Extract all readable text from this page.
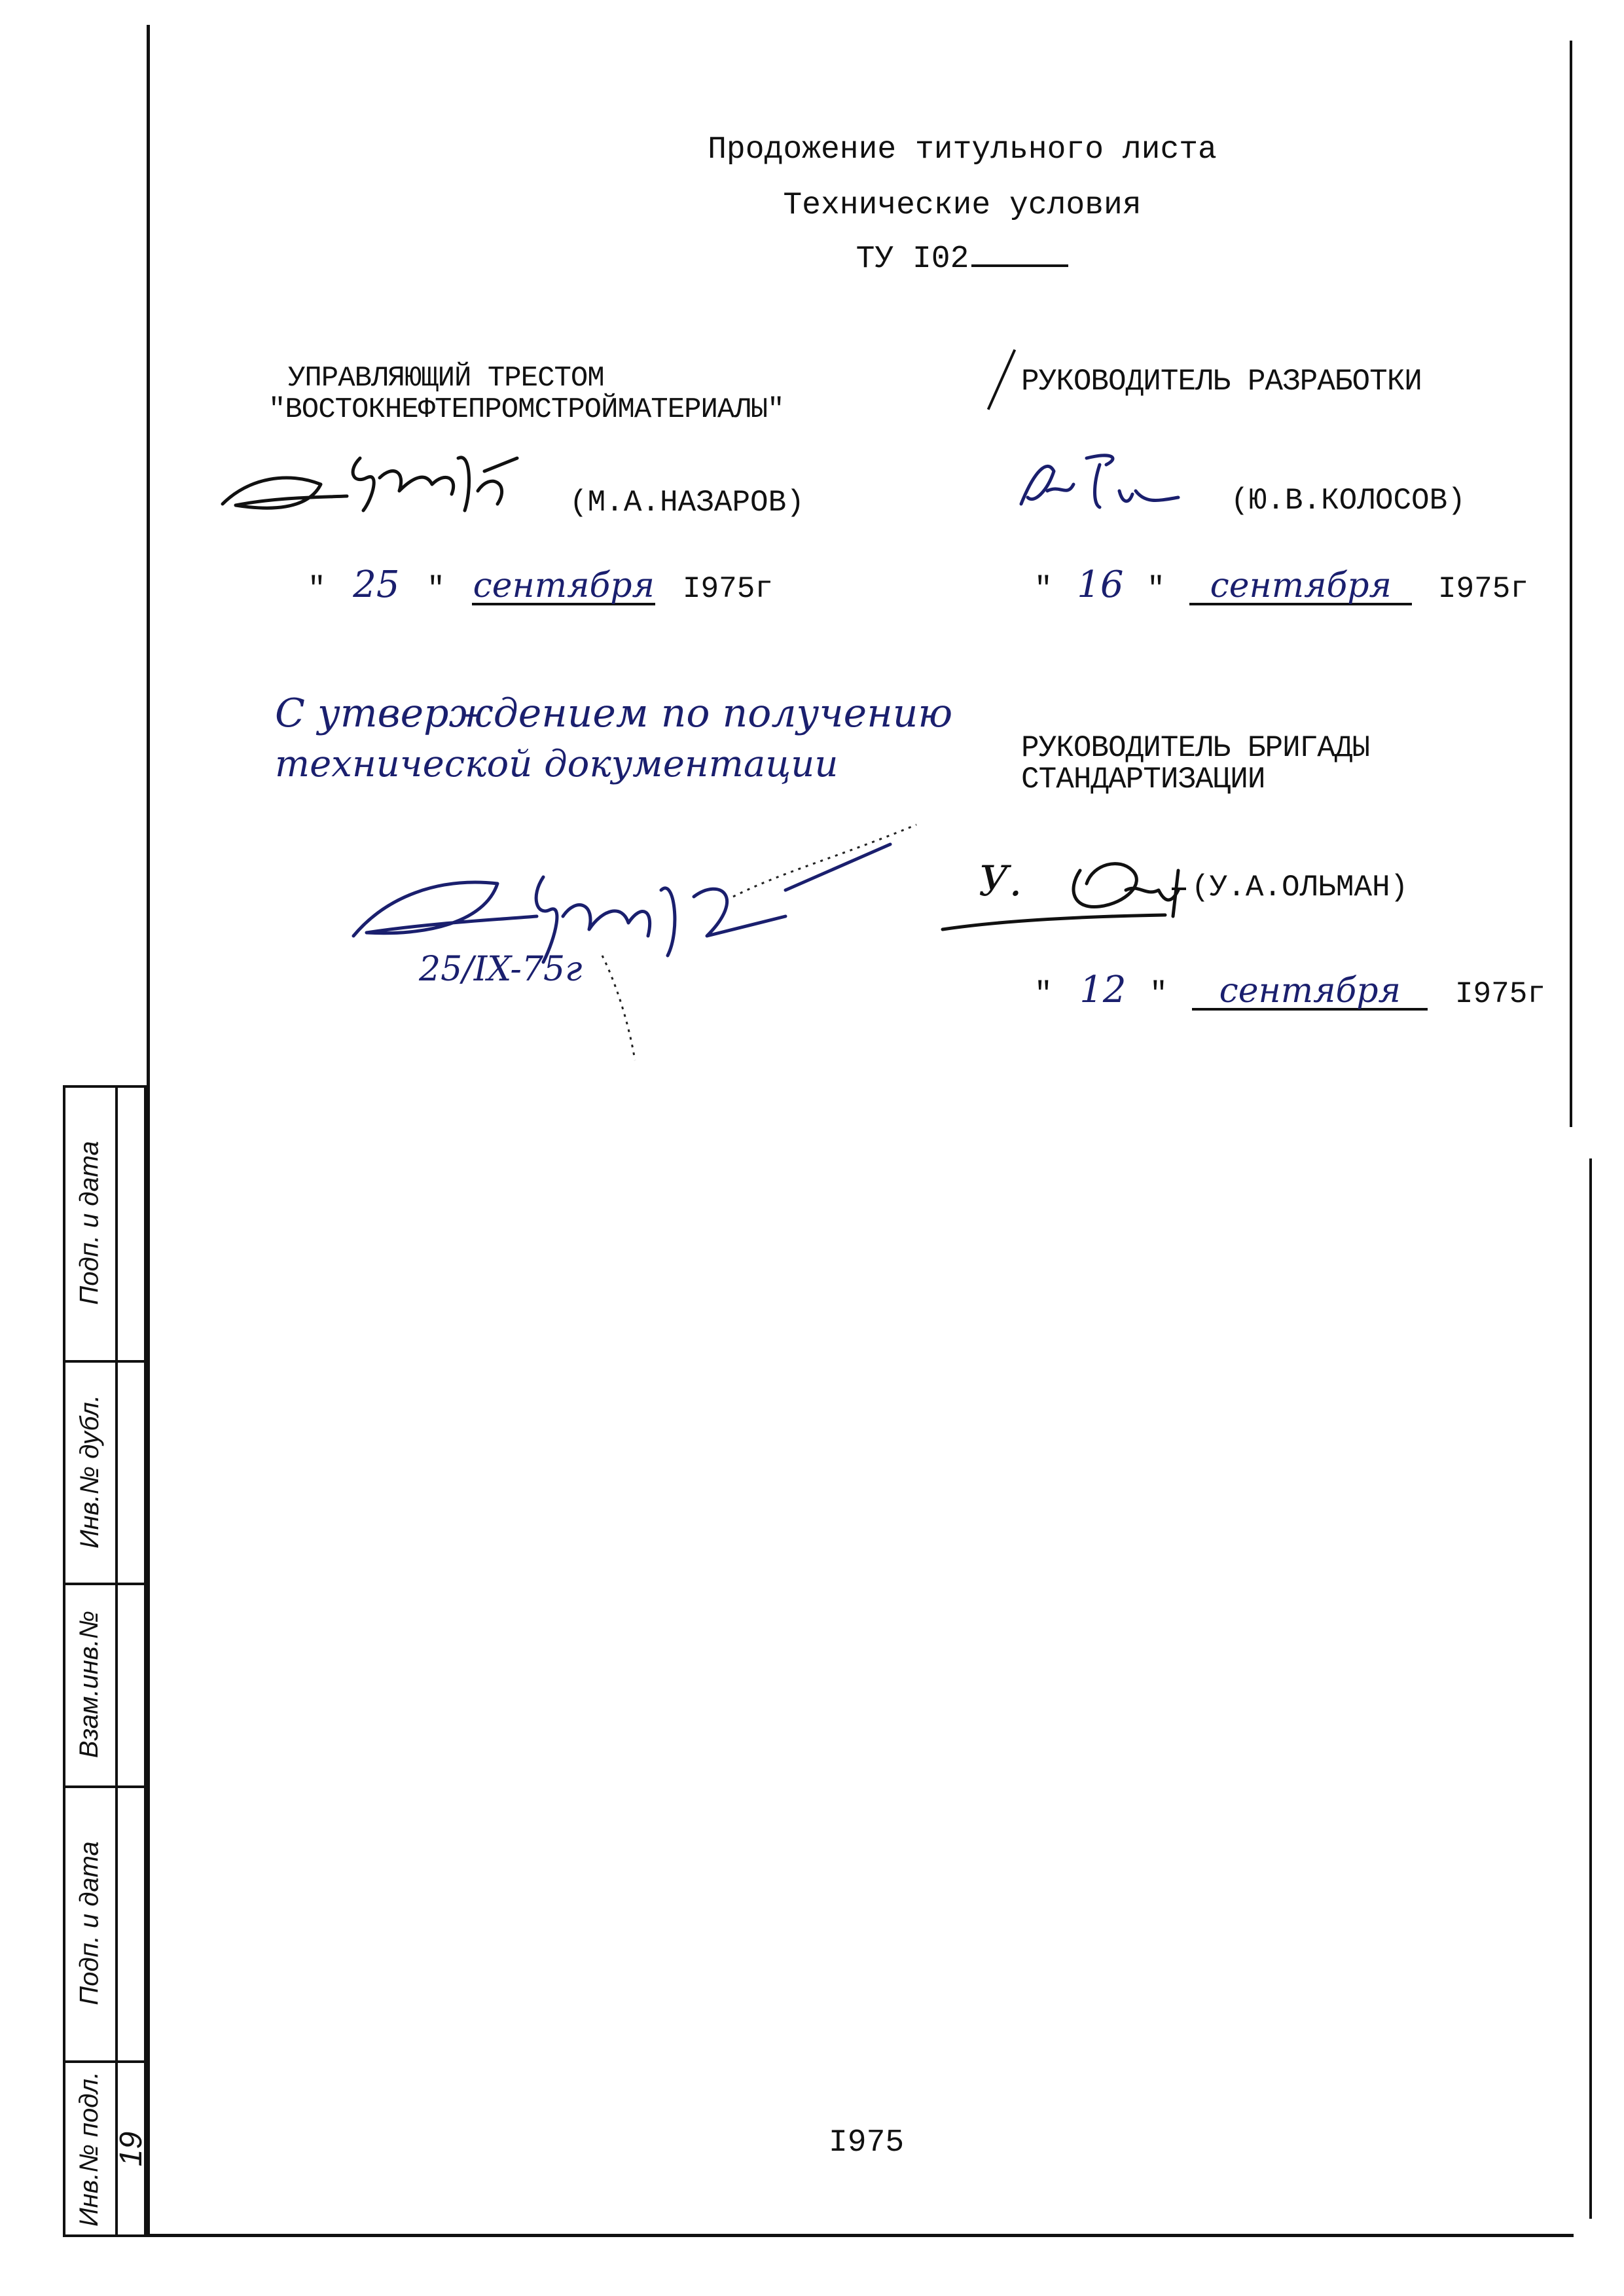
Продожение титульного листа
Технические условия
ТУ I02
УПРАВЛЯЮЩИЙ ТРЕСТОМ
"ВОСТОКНЕФТЕПРОМСТРОЙМАТЕРИАЛЫ"
(М.А.НАЗАРОВ)
" 25 " сентября I975г
РУКОВОДИТЕЛЬ РАЗРАБОТКИ
(Ю.В.КОЛОСОВ)
" 16 " сентября I975г
С утверждением по получению
технической документации
25/IX-75г
РУКОВОДИТЕЛЬ БРИГАДЫ
СТАНДАРТИЗАЦИИ
У.	(У.А.ОЛЬМАН)
" 12 " сентября I975г
I975
Подп. и дата
Инв.№ дубл.
Взам.инв.№
Подп. и дата
Инв.№ подл. 19
